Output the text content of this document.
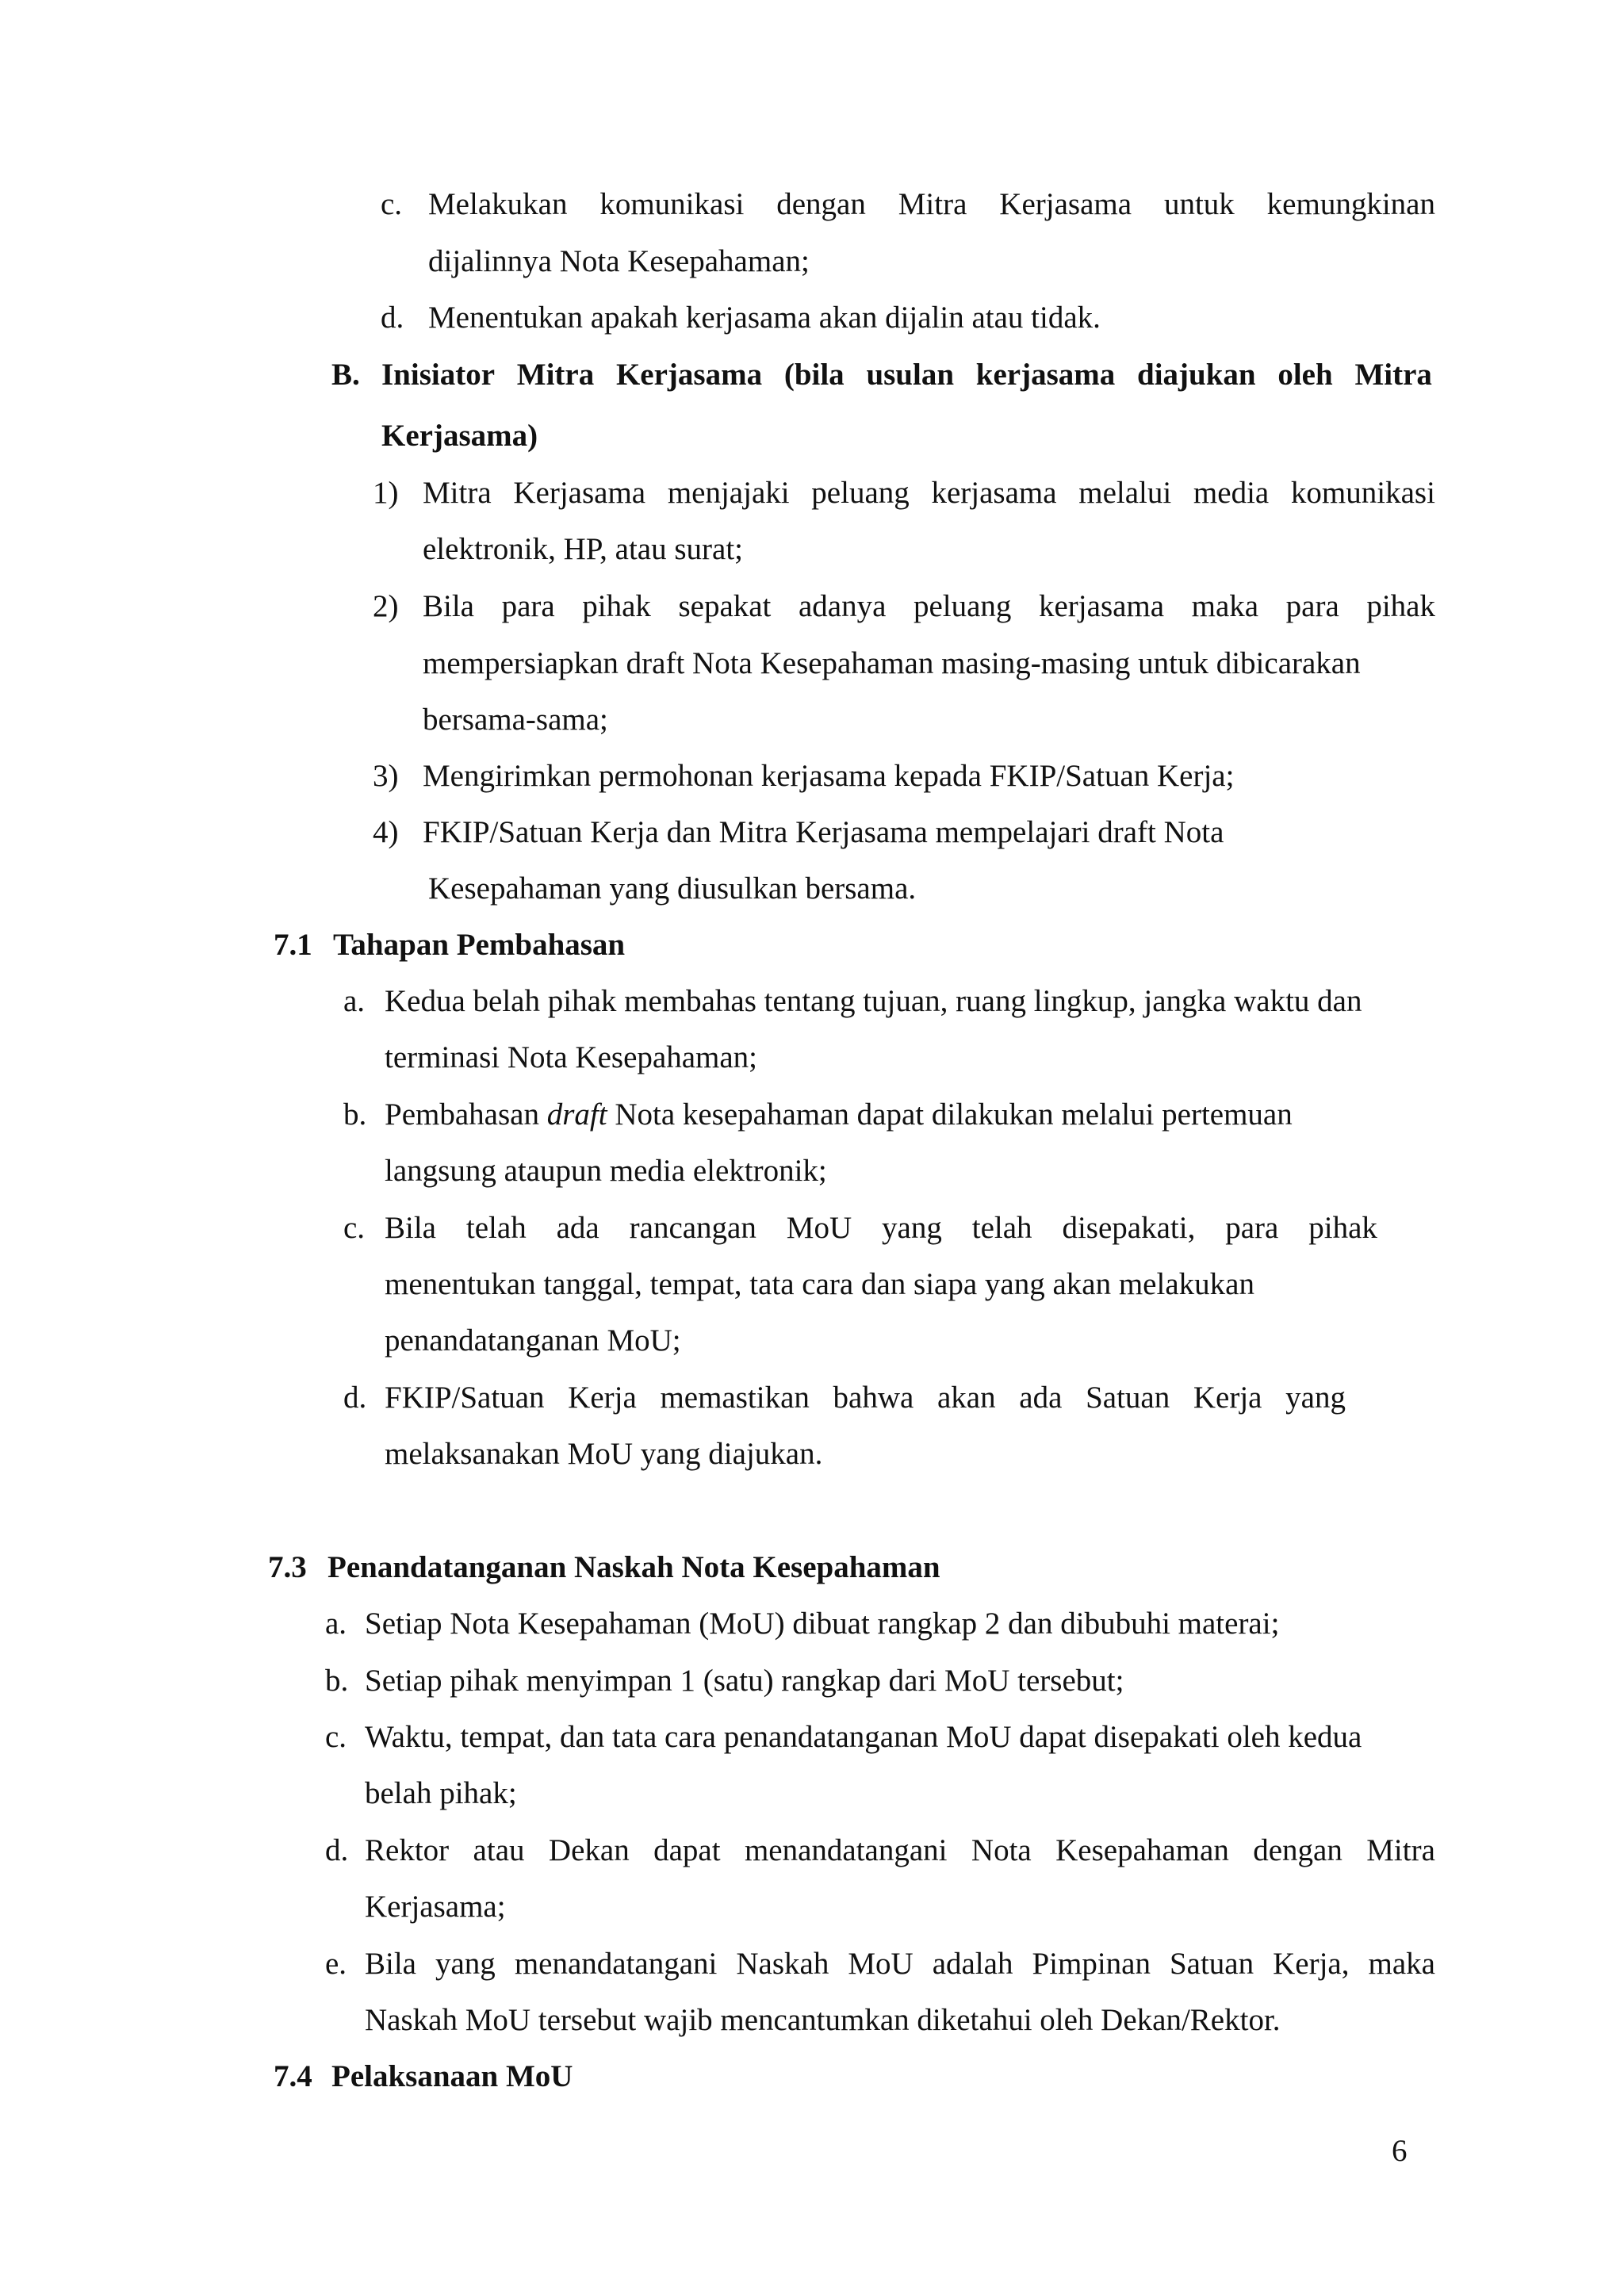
c. Melakukan komunikasi dengan Mitra Kerjasama untuk kemungkinan
dijalinnya Nota Kesepahaman;
d. Menentukan apakah kerjasama akan dijalin atau tidak.
B. Inisiator Mitra Kerjasama (bila usulan kerjasama diajukan oleh Mitra
Kerjasama)
1) Mitra Kerjasama menjajaki peluang kerjasama melalui media komunikasi
elektronik, HP, atau surat;
2) Bila para pihak sepakat adanya peluang kerjasama maka para pihak
mempersiapkan draft Nota Kesepahaman masing-masing untuk dibicarakan
bersama-sama;
3) Mengirimkan permohonan kerjasama kepada FKIP/Satuan Kerja;
4) FKIP/Satuan Kerja dan Mitra Kerjasama mempelajari draft Nota
Kesepahaman yang diusulkan bersama.
7.1 Tahapan Pembahasan
a. Kedua belah pihak membahas tentang tujuan, ruang lingkup, jangka waktu dan
terminasi Nota Kesepahaman;
b. Pembahasan draft Nota kesepahaman dapat dilakukan melalui pertemuan
langsung ataupun media elektronik;
c. Bila telah ada rancangan MoU yang telah disepakati, para pihak
menentukan tanggal, tempat, tata cara dan siapa yang akan melakukan
penandatanganan MoU;
d. FKIP/Satuan Kerja memastikan bahwa akan ada Satuan Kerja yang
melaksanakan MoU yang diajukan.
7.3 Penandatanganan Naskah Nota Kesepahaman
a. Setiap Nota Kesepahaman (MoU) dibuat rangkap 2 dan dibubuhi materai;
b. Setiap pihak menyimpan 1 (satu) rangkap dari MoU tersebut;
c. Waktu, tempat, dan tata cara penandatanganan MoU dapat disepakati oleh kedua
belah pihak;
d. Rektor atau Dekan dapat menandatangani Nota Kesepahaman dengan Mitra
Kerjasama;
e. Bila yang menandatangani Naskah MoU adalah Pimpinan Satuan Kerja, maka
Naskah MoU tersebut wajib mencantumkan diketahui oleh Dekan/Rektor.
7.4 Pelaksanaan MoU
6
